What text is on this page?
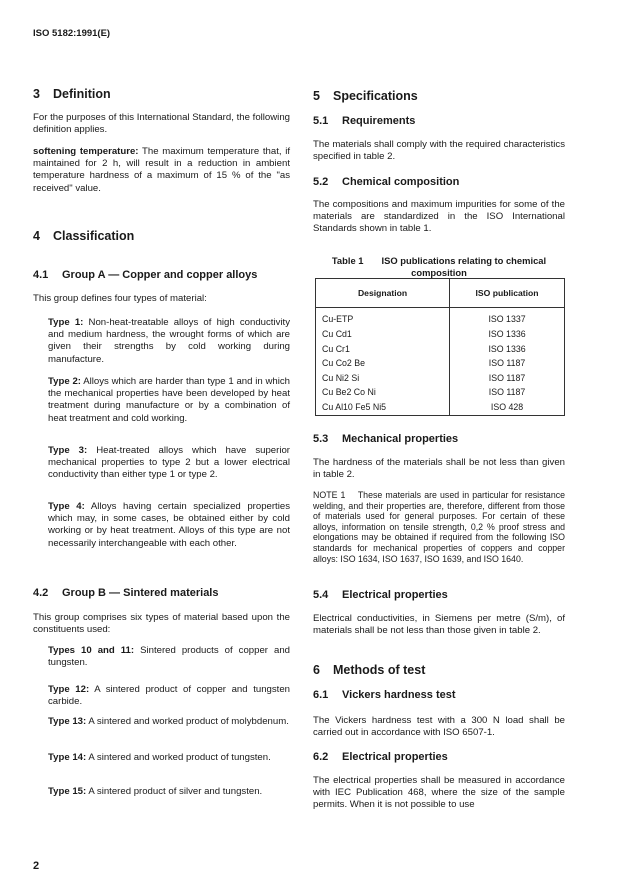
ISO 5182:1991(E)
3 Definition
For the purposes of this International Standard, the following definition applies.
softening temperature: The maximum temperature that, if maintained for 2 h, will result in a reduction in ambient temperature hardness of a maximum of 15 % of the "as received" value.
4 Classification
4.1 Group A — Copper and copper alloys
This group defines four types of material:
Type 1: Non-heat-treatable alloys of high conductivity and medium hardness, the wrought forms of which are given their strengths by cold working during manufacture.
Type 2: Alloys which are harder than type 1 and in which the mechanical properties have been developed by heat treatment during manufacture or by a combination of heat treatment and cold working.
Type 3: Heat-treated alloys which have superior mechanical properties to type 2 but a lower electrical conductivity than either type 1 or type 2.
Type 4: Alloys having certain specialized properties which may, in some cases, be obtained either by cold working or by heat treatment. Alloys of this type are not necessarily interchangeable with each other.
4.2 Group B — Sintered materials
This group comprises six types of material based upon the constituents used:
Types 10 and 11: Sintered products of copper and tungsten.
Type 12: A sintered product of copper and tungsten carbide.
Type 13: A sintered and worked product of molybdenum.
Type 14: A sintered and worked product of tungsten.
Type 15: A sintered product of silver and tungsten.
2
5 Specifications
5.1 Requirements
The materials shall comply with the required characteristics specified in table 2.
5.2 Chemical composition
The compositions and maximum impurities for some of the materials are standardized in the ISO International Standards shown in table 1.
Table 1 ISO publications relating to chemical composition
Designation	ISO publication
Cu-ETP	ISO 1337
Cu Cd1	ISO 1336
Cu Cr1	ISO 1336
Cu Co2 Be	ISO 1187
Cu Ni2 Si	ISO 1187
Cu Be2 Co Ni	ISO 1187
Cu Al10 Fe5 Ni5	ISO 428
5.3 Mechanical properties
The hardness of the materials shall be not less than given in table 2.
NOTE 1 These materials are used in particular for resistance welding, and their properties are, therefore, different from those of materials used for general purposes. For certain of these alloys, information on tensile strength, 0,2 % proof stress and elongations may be obtained if required from the following ISO standards for mechanical properties of coppers and copper alloys: ISO 1634, ISO 1637, ISO 1639, and ISO 1640.
5.4 Electrical properties
Electrical conductivities, in Siemens per metre (S/m), of materials shall be not less than those given in table 2.
6 Methods of test
6.1 Vickers hardness test
The Vickers hardness test with a 300 N load shall be carried out in accordance with ISO 6507-1.
6.2 Electrical properties
The electrical properties shall be measured in accordance with IEC Publication 468, where the size of the sample permits. When it is not possible to use
